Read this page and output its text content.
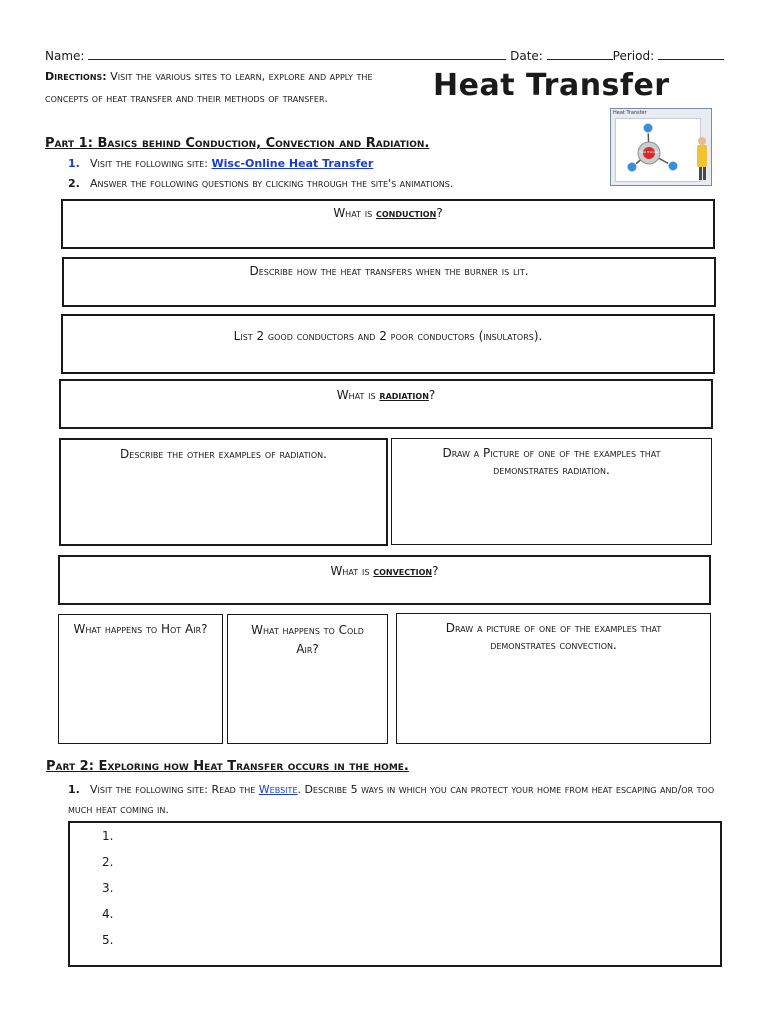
Name:	Date:	Period:
Directions: Visit the various sites to learn, explore and apply the concepts of heat transfer and their methods of transfer.	Heat Transfer
Heat Transfer
Heat Transfer
Part 1: Basics behind Conduction, Convection and Radiation.
1. Visit the following site: Wisc-Online Heat Transfer
2. Answer the following questions by clicking through the site's animations.
What is conduction?
Describe how the heat transfers when the burner is lit.
List 2 good conductors and 2 poor conductors (insulators).
What is radiation?
Describe the other examples of radiation.	Draw a Picture of one of the examples that demonstrates radiation.
What is convection?
What happens to Hot Air?	What happens to Cold Air?
Draw a picture of one of the examples that demonstrates convection.
Part 2: Exploring how Heat Transfer occurs in the home.
1. Visit the following site: Read the Website. Describe 5 ways in which you can protect your home from heat escaping and/or too much heat coming in.
1.
2.
3.
4.
5.
